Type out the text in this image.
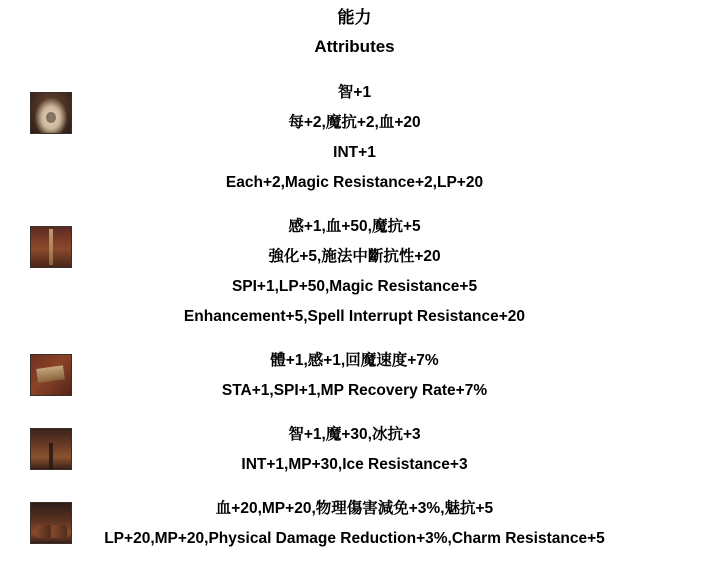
能力
Attributes
智+1
每+2,魔抗+2,血+20
INT+1
Each+2,Magic Resistance+2,LP+20
感+1,血+50,魔抗+5
強化+5,施法中斷抗性+20
SPI+1,LP+50,Magic Resistance+5
Enhancement+5,Spell Interrupt Resistance+20
體+1,感+1,回魔速度+7%
STA+1,SPI+1,MP Recovery Rate+7%
智+1,魔+30,冰抗+3
INT+1,MP+30,Ice Resistance+3
血+20,MP+20,物理傷害減免+3%,魅抗+5
LP+20,MP+20,Physical Damage Reduction+3%,Charm Resistance+5
